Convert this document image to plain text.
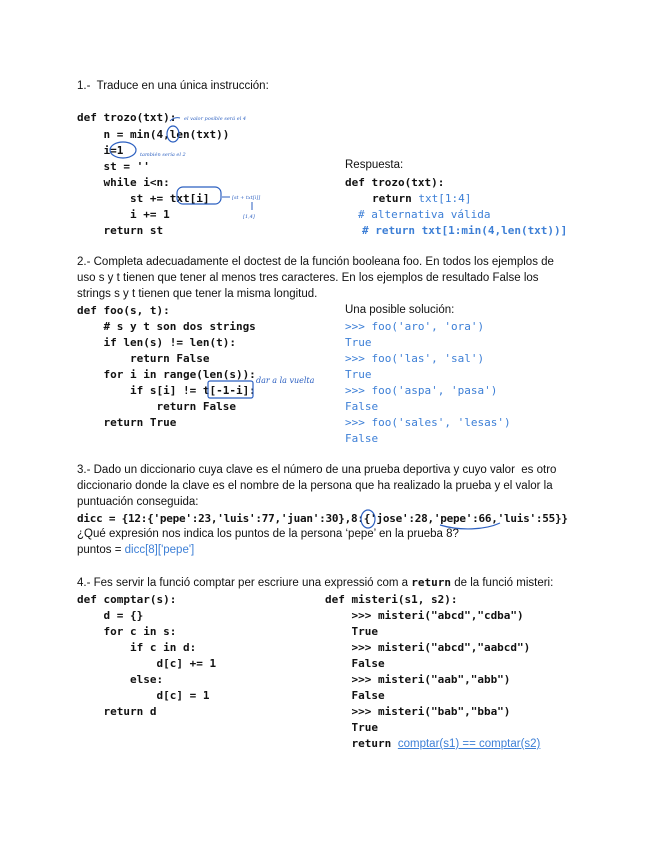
1.-  Traduce en una única instrucción:
def trozo(txt):
n = min(4,len(txt))
i=1
st = ''
while i<n:
st += txt[i]
i += 1
return st
Respuesta:
def trozo(txt):
return txt[1:4]
# alternativa válida
# return txt[1:min(4,len(txt))]
el valor posible será el 4
también sería el 2
[st + txt[i]]
[1,4]
2.- Completa adecuadamente el doctest de la función booleana foo. En todos los ejemplos de
uso s y t tienen que tener al menos tres caracteres. En los ejemplos de resultado False los
strings s y t tienen que tener la misma longitud.
def foo(s, t):
# s y t son dos strings
if len(s) != len(t):
return False
for i in range(len(s)):
if s[i] != t[-1-i]:
return False
return True
Una posible solución:
>>> foo('aro', 'ora')
True
>>> foo('las', 'sal')
True
>>> foo('aspa', 'pasa')
False
>>> foo('sales', 'lesas')
False
dar a la vuelta
3.- Dado un diccionario cuya clave es el número de una prueba deportiva y cuyo valor  es otro
diccionario donde la clave es el nombre de la persona que ha realizado la prueba y el valor la
puntuación conseguida:
dicc = {12:{'pepe':23,'luis':77,'juan':30},8:{'jose':28,'pepe':66,'luis':55}}
¿Qué expresión nos indica los puntos de la persona ‘pepe’ en la prueba 8?
puntos = dicc[8]['pepe']
4.- Fes servir la funció comptar per escriure una expressió com a return de la funció misteri:
def comptar(s):
d = {}
for c in s:
if c in d:
d[c] += 1
else:
d[c] = 1
return d
def misteri(s1, s2):
>>> misteri("abcd","cdba")
True
>>> misteri("abcd","aabcd")
False
>>> misteri("aab","abb")
False
>>> misteri("bab","bba")
True
return comptar(s1) == comptar(s2)
